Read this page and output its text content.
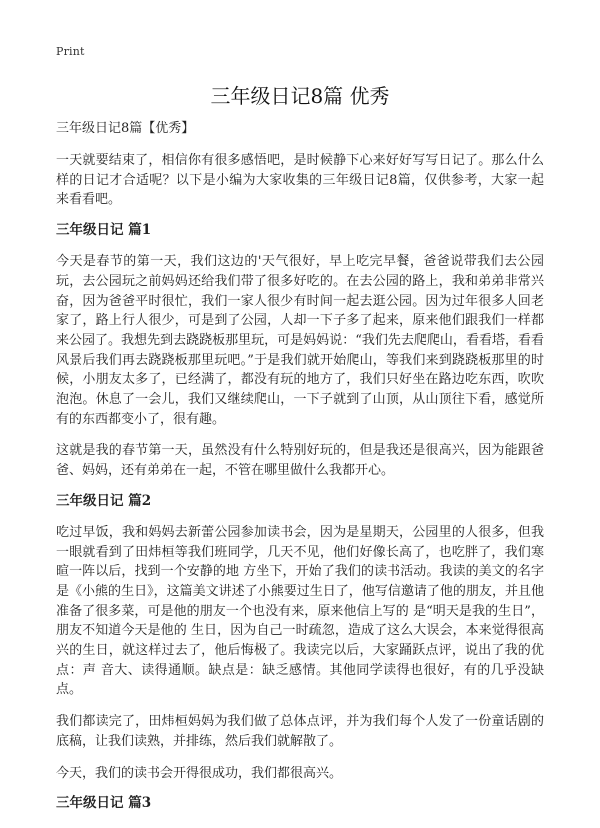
Print
三年级日记8篇 优秀
三年级日记8篇【优秀】

一天就要结束了，相信你有很多感悟吧，是时候静下心来好好写写日记了。那么什么样的日记才合适呢？以下是小编为大家收集的三年级日记8篇，仅供参考，大家一起来看看吧。

三年级日记 篇1

今天是春节的第一天，我们这边的'天气很好，早上吃完早餐，爸爸说带我们去公园玩，去公园玩之前妈妈还给我们带了很多好吃的。在去公园的路上，我和弟弟非常兴奋，因为爸爸平时很忙，我们一家人很少有时间一起去逛公园。因为过年很多人回老家了，路上行人很少，可是到了公园，人却一下子多了起来，原来他们跟我们一样都来公园了。我想先到去跷跷板那里玩，可是妈妈说：“我们先去爬爬山，看看塔，看看风景后我们再去跷跷板那里玩吧。”于是我们就开始爬山，等我们来到跷跷板那里的时候，小朋友太多了，已经满了，都没有玩的地方了，我们只好坐在路边吃东西，吹吹泡泡。休息了一会儿，我们又继续爬山，一下子就到了山顶，从山顶往下看，感觉所有的东西都变小了，很有趣。

这就是我的春节第一天，虽然没有什么特别好玩的，但是我还是很高兴，因为能跟爸爸、妈妈，还有弟弟在一起，不管在哪里做什么我都开心。

三年级日记 篇2

吃过早饭，我和妈妈去新蕾公园参加读书会，因为是星期天，公园里的人很多，但我一眼就看到了田炜桓等我们班同学，几天不见，他们好像长高了，也吃胖了，我们寒暄一阵以后，找到一个安静的地 方坐下，开始了我们的读书活动。我读的美文的名字是《小熊的生日》，这篇美文讲述了小熊要过生日了，他写信邀请了他的朋友，并且他准备了很多菜，可是他的朋友一个也没有来，原来他信上写的 是“明天是我的生日”，朋友不知道今天是他的 生日，因为自己一时疏忽，造成了这么大误会，本来觉得很高兴的生日，就这样过去了，他后悔极了。我读完以后，大家踊跃点评，说出了我的优点：声 音大、读得通顺。缺点是：缺乏感情。其他同学读得也很好，有的几乎没缺点。

我们都读完了，田炜桓妈妈为我们做了总体点评，并为我们每个人发了一份童话剧的底稿，让我们读熟，并排练，然后我们就解散了。

今天，我们的读书会开得很成功，我们都很高兴。

三年级日记 篇3
